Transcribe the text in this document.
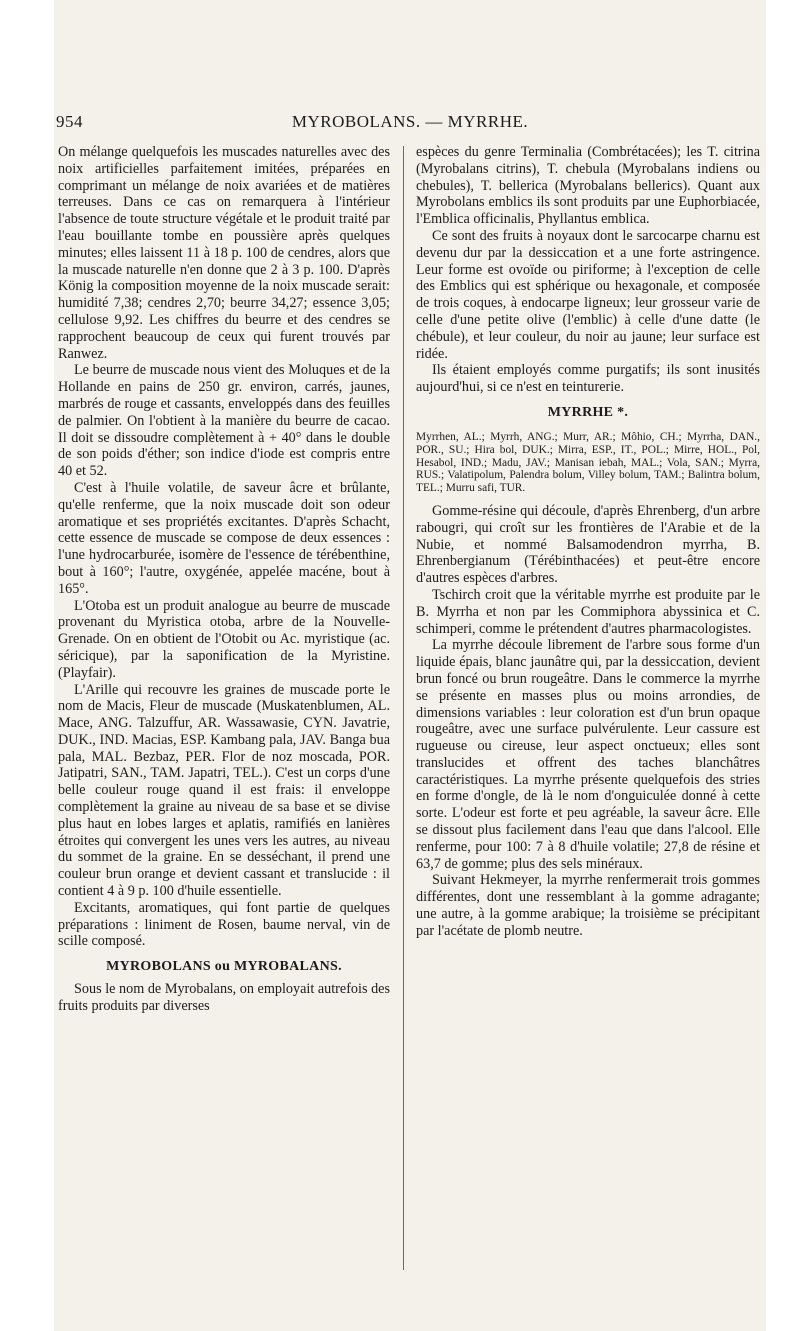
954	MYROBOLANS. — MYRRHE.

On mélange quelquefois les muscades naturelles avec des noix artificielles parfaitement imitées, préparées en comprimant un mélange de noix avariées et de matières terreuses. Dans ce cas on remarquera à l'intérieur l'absence de toute structure végétale et le produit traité par l'eau bouillante tombe en poussière après quelques minutes; elles laissent 11 à 18 p. 100 de cendres, alors que la muscade naturelle n'en donne que 2 à 3 p. 100. D'après König la composition moyenne de la noix muscade serait: humidité 7,38; cendres 2,70; beurre 34,27; essence 3,05; cellulose 9,92. Les chiffres du beurre et des cendres se rapprochent beaucoup de ceux qui furent trouvés par Ranwez.

Le beurre de muscade nous vient des Moluques et de la Hollande en pains de 250 gr. environ, carrés, jaunes, marbrés de rouge et cassants, enveloppés dans des feuilles de palmier. On l'obtient à la manière du beurre de cacao. Il doit se dissoudre complètement à + 40° dans le double de son poids d'éther; son indice d'iode est compris entre 40 et 52.

C'est à l'huile volatile, de saveur âcre et brûlante, qu'elle renferme, que la noix muscade doit son odeur aromatique et ses propriétés excitantes. D'après Schacht, cette essence de muscade se compose de deux essences : l'une hydrocarburée, isomère de l'essence de térébenthine, bout à 160°; l'autre, oxygénée, appelée macéne, bout à 165°.

L'Otoba est un produit analogue au beurre de muscade provenant du Myristica otoba, arbre de la Nouvelle-Grenade. On en obtient de l'Otobit ou Ac. myristique (ac. séricique), par la saponification de la Myristine. (Playfair).

L'Arille qui recouvre les graines de muscade porte le nom de Macis, Fleur de muscade (Muskatenblumen, AL. Mace, ANG. Talzuffur, AR. Wassawasie, CYN. Javatrie, DUK., IND. Macias, ESP. Kambang pala, JAV. Banga bua pala, MAL. Bezbaz, PER. Flor de noz moscada, POR. Jatipatri, SAN., TAM. Japatri, TEL.). C'est un corps d'une belle couleur rouge quand il est frais: il enveloppe complètement la graine au niveau de sa base et se divise plus haut en lobes larges et aplatis, ramifiés en lanières étroites qui convergent les unes vers les autres, au niveau du sommet de la graine. En se desséchant, il prend une couleur brun orange et devient cassant et translucide : il contient 4 à 9 p. 100 d'huile essentielle.

Excitants, aromatiques, qui font partie de quelques préparations : liniment de Rosen, baume nerval, vin de scille composé.

MYROBOLANS ou MYROBALANS.

Sous le nom de Myrobalans, on employait autrefois des fruits produits par diverses

espèces du genre Terminalia (Combrétacées); les T. citrina (Myrobalans citrins), T. chebula (Myrobalans indiens ou chebules), T. bellerica (Myrobalans bellerics). Quant aux Myrobolans emblics ils sont produits par une Euphorbiacée, l'Emblica officinalis, Phyllantus emblica.

Ce sont des fruits à noyaux dont le sarcocarpe charnu est devenu dur par la dessiccation et a une forte astringence. Leur forme est ovoïde ou piriforme; à l'exception de celle des Emblics qui est sphérique ou hexagonale, et composée de trois coques, à endocarpe ligneux; leur grosseur varie de celle d'une petite olive (l'emblic) à celle d'une datte (le chébule), et leur couleur, du noir au jaune; leur surface est ridée.

Ils étaient employés comme purgatifs; ils sont inusités aujourd'hui, si ce n'est en teinturerie.

MYRRHE *.

Myrrhen, AL.; Myrrh, ANG.; Murr, AR.; Môhio, CH.; Myrrha, DAN., POR., SU.; Hira bol, DUK.; Mirra, ESP., IT., POL.; Mirre, HOL., Pol, Hesabol, IND.; Madu, JAV.; Manisan iebah, MAL.; Vola, SAN.; Myrra, RUS.; Valatipolum, Palendra bolum, Villey bolum, TAM.; Balintra bolum, TEL.; Murru safi, TUR.

Gomme-résine qui découle, d'après Ehrenberg, d'un arbre rabougri, qui croît sur les frontières de l'Arabie et de la Nubie, et nommé Balsamodendron myrrha, B. Ehrenbergianum (Térébinthacées) et peut-être encore d'autres espèces d'arbres.

Tschirch croit que la véritable myrrhe est produite par le B. Myrrha et non par les Commiphora abyssinica et C. schimperi, comme le prétendent d'autres pharmacologistes.

La myrrhe découle librement de l'arbre sous forme d'un liquide épais, blanc jaunâtre qui, par la dessiccation, devient brun foncé ou brun rougeâtre. Dans le commerce la myrrhe se présente en masses plus ou moins arrondies, de dimensions variables : leur coloration est d'un brun opaque rougeâtre, avec une surface pulvérulente. Leur cassure est rugueuse ou cireuse, leur aspect onctueux; elles sont translucides et offrent des taches blanchâtres caractéristiques. La myrrhe présente quelquefois des stries en forme d'ongle, de là le nom d'onguiculée donné à cette sorte. L'odeur est forte et peu agréable, la saveur âcre. Elle se dissout plus facilement dans l'eau que dans l'alcool. Elle renferme, pour 100: 7 à 8 d'huile volatile; 27,8 de résine et 63,7 de gomme; plus des sels minéraux.

Suivant Hekmeyer, la myrrhe renfermerait trois gommes différentes, dont une ressemblant à la gomme adragante; une autre, à la gomme arabique; la troisième se précipitant par l'acétate de plomb neutre.
